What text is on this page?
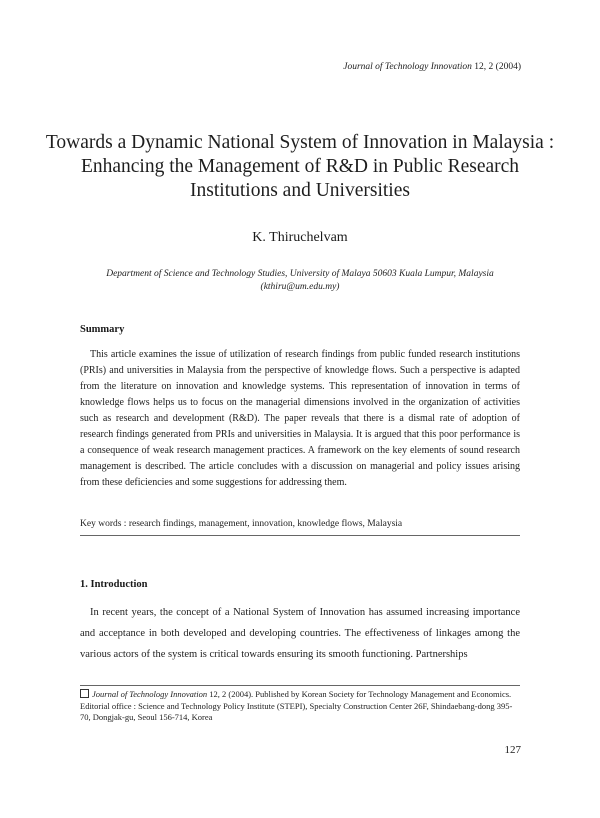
Journal of Technology Innovation 12, 2 (2004)
Towards a Dynamic National System of Innovation in Malaysia :
Enhancing the Management of R&D in Public Research
Institutions and Universities
K. Thiruchelvam
Department of Science and Technology Studies, University of Malaya 50603 Kuala Lumpur, Malaysia
(kthiru@um.edu.my)
Summary
This article examines the issue of utilization of research findings from public funded research institutions (PRIs) and universities in Malaysia from the perspective of knowledge flows. Such a perspective is adapted from the literature on innovation and knowledge systems. This representation of innovation in terms of knowledge flows helps us to focus on the managerial dimensions involved in the organization of activities such as research and development (R&D). The paper reveals that there is a dismal rate of adoption of research findings generated from PRIs and universities in Malaysia. It is argued that this poor performance is a consequence of weak research management practices. A framework on the key elements of sound research management is described. The article concludes with a discussion on managerial and policy issues arising from these deficiencies and some suggestions for addressing them.
Key words : research findings, management, innovation, knowledge flows, Malaysia
1. Introduction
In recent years, the concept of a National System of Innovation has assumed increasing importance and acceptance in both developed and developing countries. The effectiveness of linkages among the various actors of the system is critical towards ensuring its smooth functioning. Partnerships
Journal of Technology Innovation 12, 2 (2004). Published by Korean Society for Technology Management and Economics. Editorial office : Science and Technology Policy Institute (STEPI), Specialty Construction Center 26F, Shindaebang-dong 395-70, Dongjak-gu, Seoul 156-714, Korea
127
